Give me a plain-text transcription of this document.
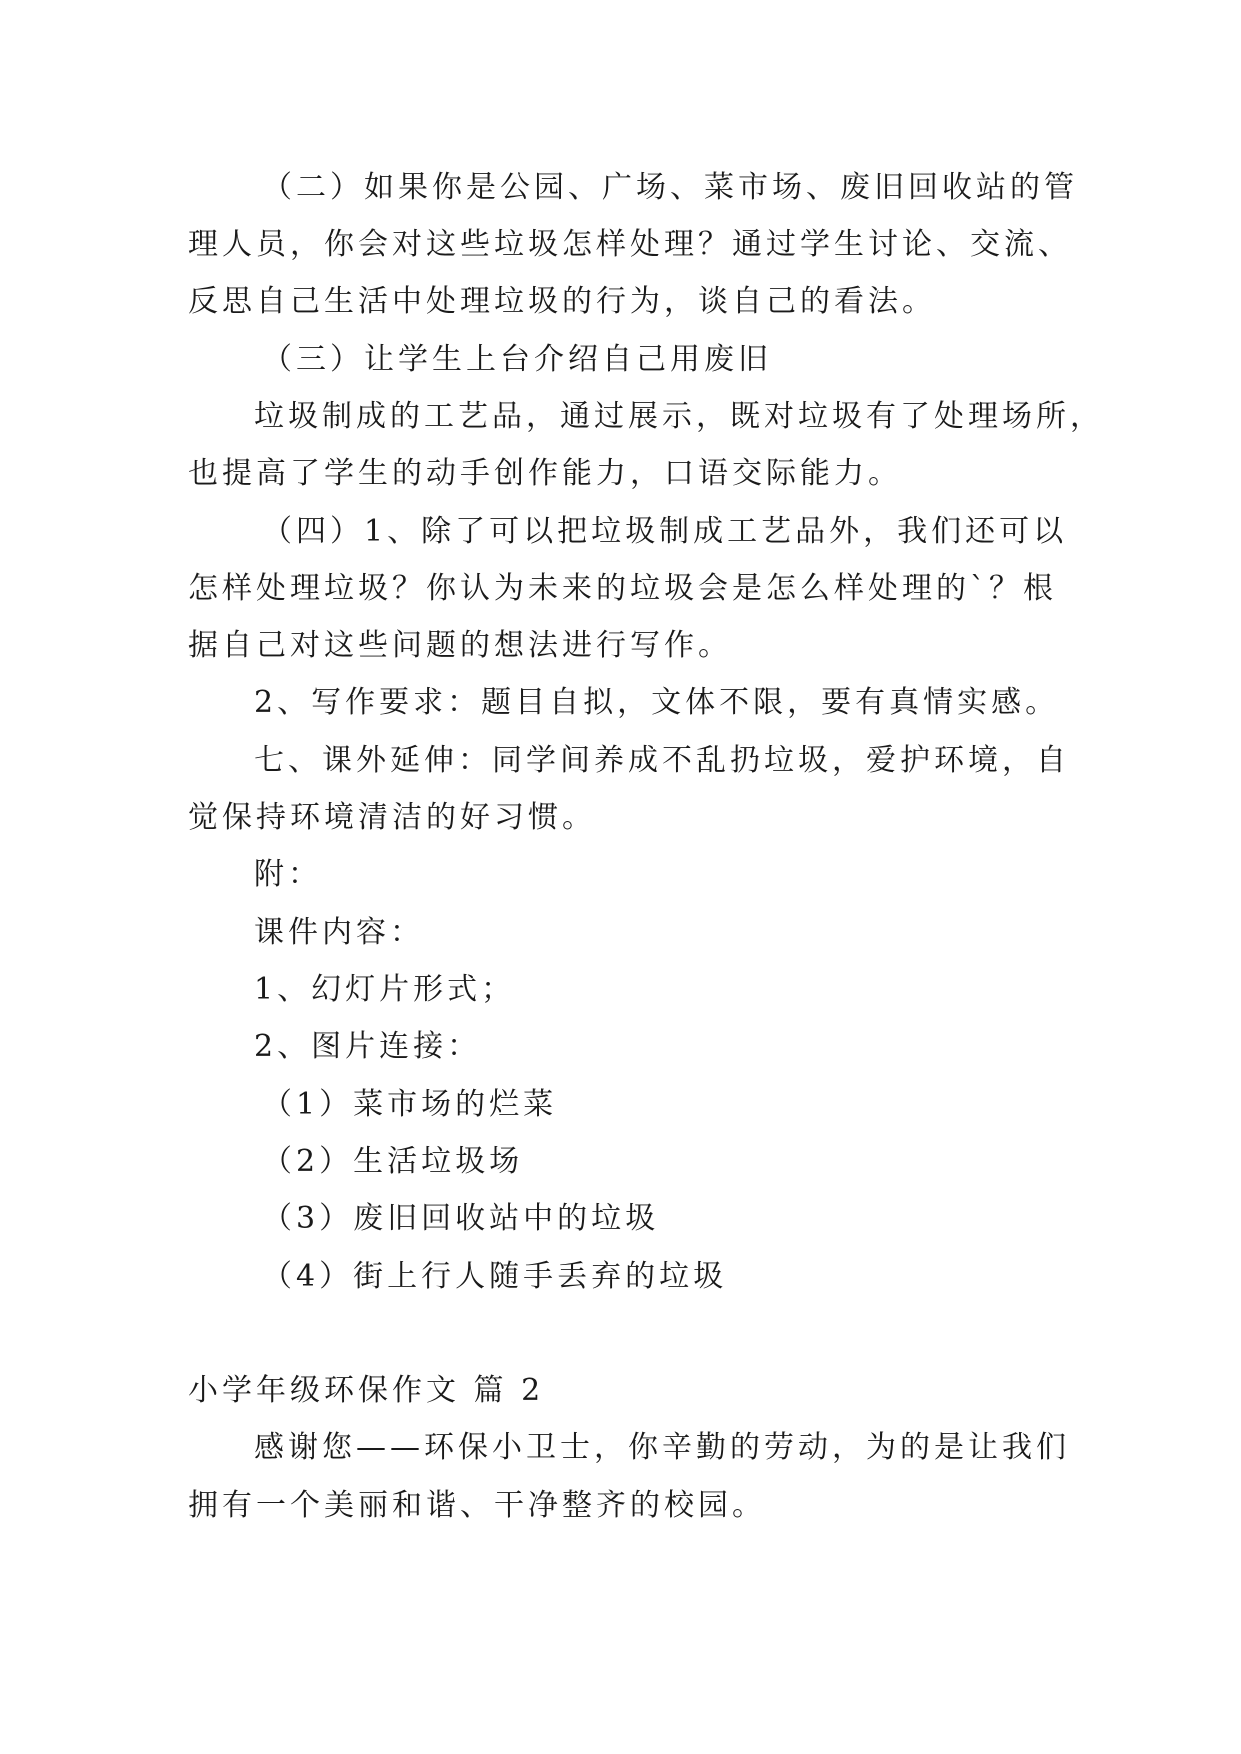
（二）如果你是公园、广场、菜市场、废旧回收站的管
理人员，你会对这些垃圾怎样处理？通过学生讨论、交流、
反思自己生活中处理垃圾的行为，谈自己的看法。
（三）让学生上台介绍自己用废旧
垃圾制成的工艺品，通过展示，既对垃圾有了处理场所，
也提高了学生的动手创作能力，口语交际能力。
（四）1、除了可以把垃圾制成工艺品外，我们还可以
怎样处理垃圾？你认为未来的垃圾会是怎么样处理的`？根
据自己对这些问题的想法进行写作。
2、写作要求：题目自拟，文体不限，要有真情实感。
七、课外延伸：同学间养成不乱扔垃圾，爱护环境，自
觉保持环境清洁的好习惯。
附：
课件内容：
1、幻灯片形式；
2、图片连接：
（1）菜市场的烂菜
（2）生活垃圾场
（3）废旧回收站中的垃圾
（4）街上行人随手丢弃的垃圾
小学年级环保作文 篇 2
感谢您——环保小卫士，你辛勤的劳动，为的是让我们
拥有一个美丽和谐、干净整齐的校园。
